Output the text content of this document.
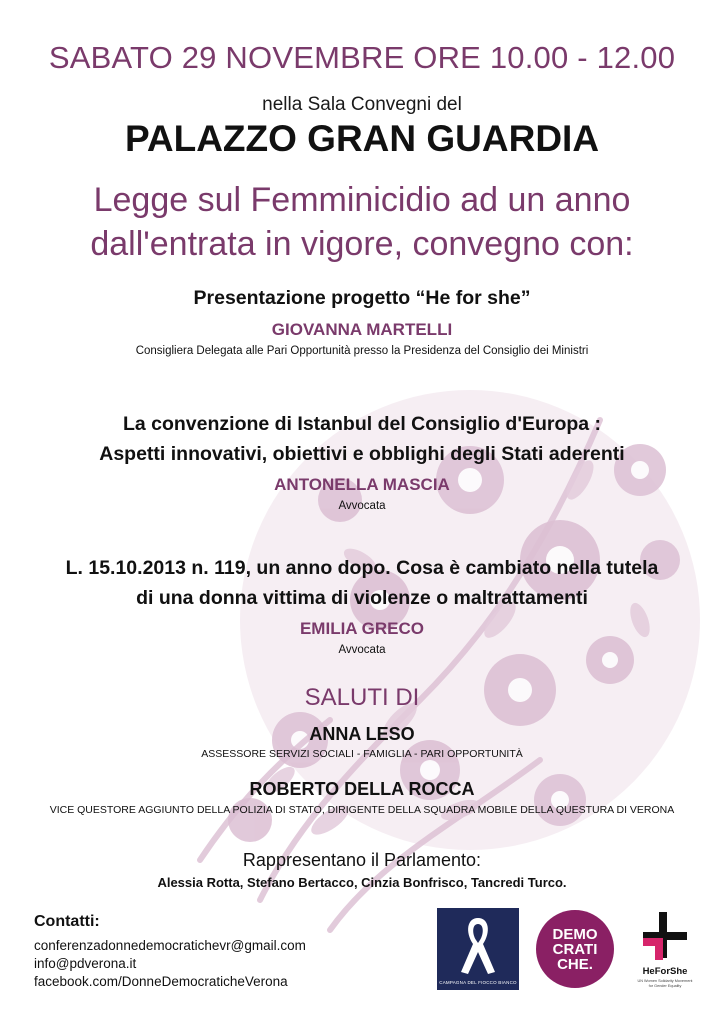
SABATO 29 NOVEMBRE ORE 10.00 - 12.00
nella Sala Convegni del
PALAZZO GRAN GUARDIA
Legge sul Femminicidio ad un anno
dall'entrata in vigore, convegno con:
Presentazione progetto “He for she”
GIOVANNA MARTELLI
Consigliera Delegata alle Pari Opportunità presso la Presidenza del Consiglio dei Ministri
La convenzione di Istanbul del Consiglio d'Europa :
Aspetti innovativi, obiettivi e obblighi degli Stati aderenti
ANTONELLA MASCIA
Avvocata
L. 15.10.2013 n. 119, un anno dopo. Cosa è cambiato nella tutela
di una donna vittima di violenze o maltrattamenti
EMILIA GRECO
Avvocata
SALUTI DI
ANNA LESO
ASSESSORE SERVIZI SOCIALI - FAMIGLIA - PARI OPPORTUNITÀ
ROBERTO DELLA ROCCA
VICE QUESTORE AGGIUNTO DELLA POLIZIA DI STATO, DIRIGENTE DELLA SQUADRA MOBILE DELLA QUESTURA DI VERONA
Rappresentano il Parlamento:
Alessia Rotta, Stefano Bertacco, Cinzia Bonfrisco, Tancredi Turco.
Contatti:
conferenzadonnedemocratichevr@gmail.com
info@pdverona.it
facebook.com/DonneDemocraticheVerona	CAMPAGNA DEL FIOCCO BIANCO
DEMO
CRATI
CHE.	HeForShe
UN Women Solidarity Movement for Gender Equality
